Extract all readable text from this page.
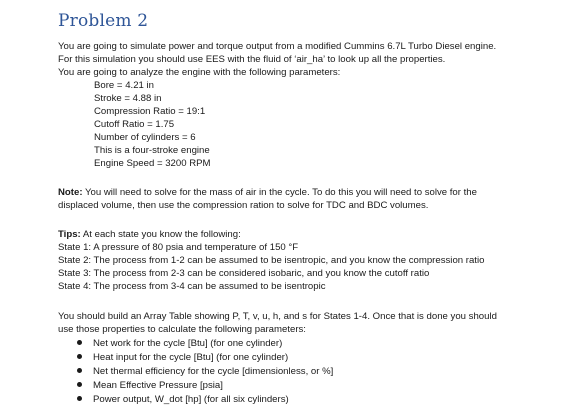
Problem 2
You are going to simulate power and torque output from a modified Cummins 6.7L Turbo Diesel engine.
For this simulation you should use EES with the fluid of ‘air_ha’ to look up all the properties.
You are going to analyze the engine with the following parameters:
Bore = 4.21 in
Stroke = 4.88 in
Compression Ratio = 19:1
Cutoff Ratio = 1.75
Number of cylinders = 6
This is a four-stroke engine
Engine Speed = 3200 RPM
Note: You will need to solve for the mass of air in the cycle. To do this you will need to solve for the
displaced volume, then use the compression ration to solve for TDC and BDC volumes.
Tips: At each state you know the following:
State 1: A pressure of 80 psia and temperature of 150 °F
State 2: The process from 1-2 can be assumed to be isentropic, and you know the compression ratio
State 3: The process from 2-3 can be considered isobaric, and you know the cutoff ratio
State 4: The process from 3-4 can be assumed to be isentropic
You should build an Array Table showing P, T, v, u, h, and s for States 1-4. Once that is done you should
use those properties to calculate the following parameters:
Net work for the cycle [Btu] (for one cylinder)
Heat input for the cycle [Btu] (for one cylinder)
Net thermal efficiency for the cycle [dimensionless, or %]
Mean Effective Pressure [psia]
Power output, W_dot [hp] (for all six cylinders)
